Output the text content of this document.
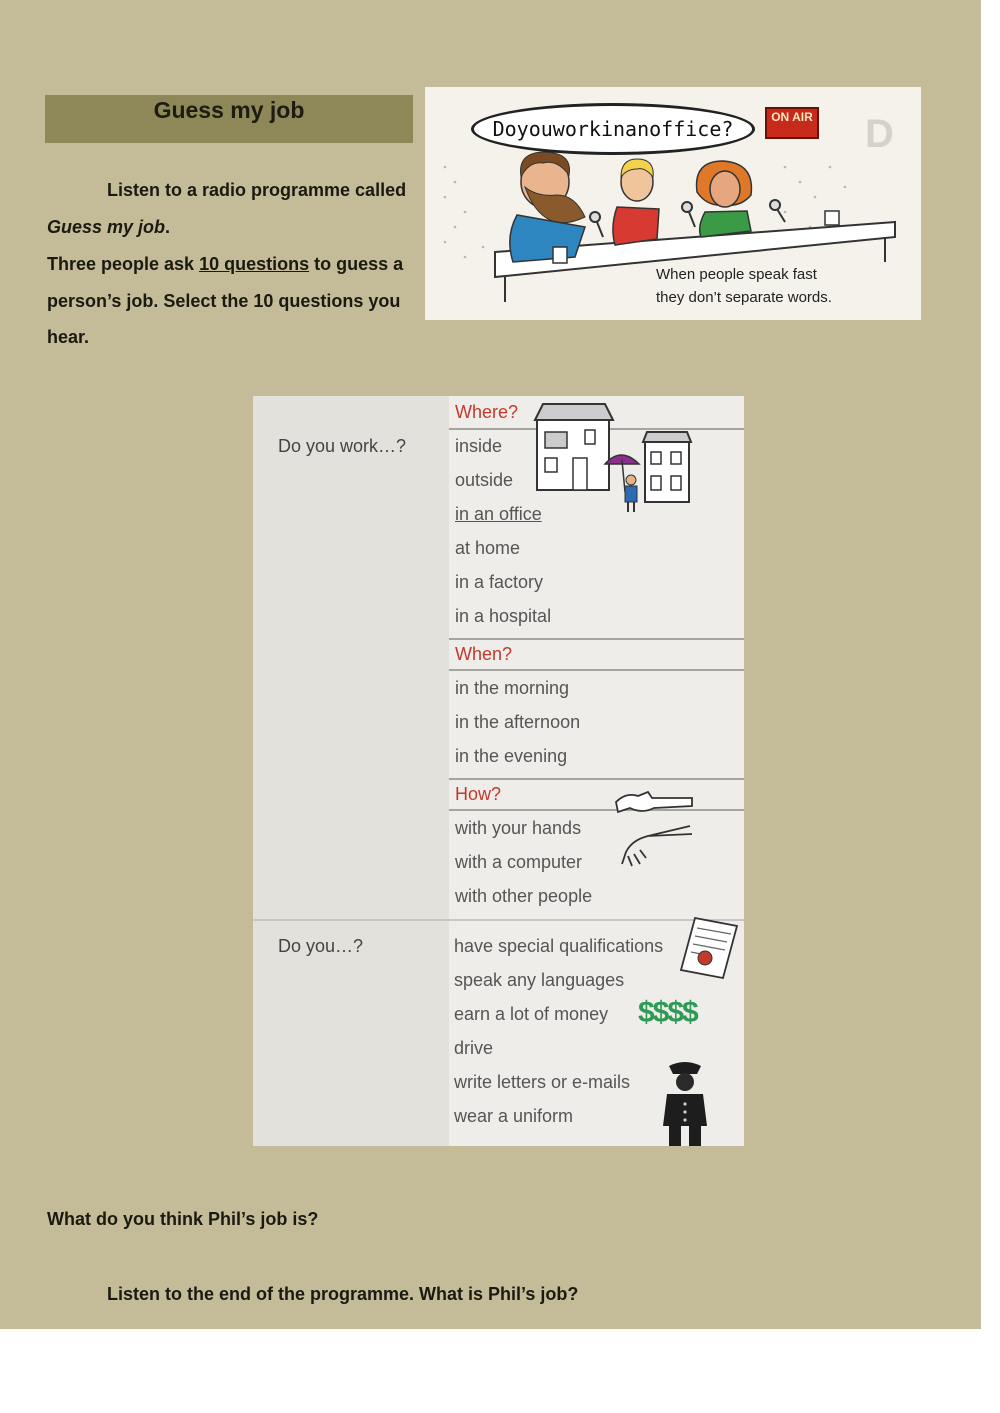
Guess my job
Listen to a radio programme called
Guess my job.
Three people ask 10 questions to guess a
person’s job. Select the 10 questions you
hear.
D
Doyouworkinanoffice?	ON AIR
When people speak fast
they don’t separate words.
Do you work…?
Do you…?
Where?
inside
outside
in an office
at home
in a factory
in a hospital
When?
in the morning
in the afternoon
in the evening
How?
with your hands
with a computer
with other people
have special qualifications
speak any languages
earn a lot of money
drive
write letters or e-mails
wear a uniform
$$$$
What do you think Phil’s job is?
Listen to the end of the programme. What is Phil’s job?
